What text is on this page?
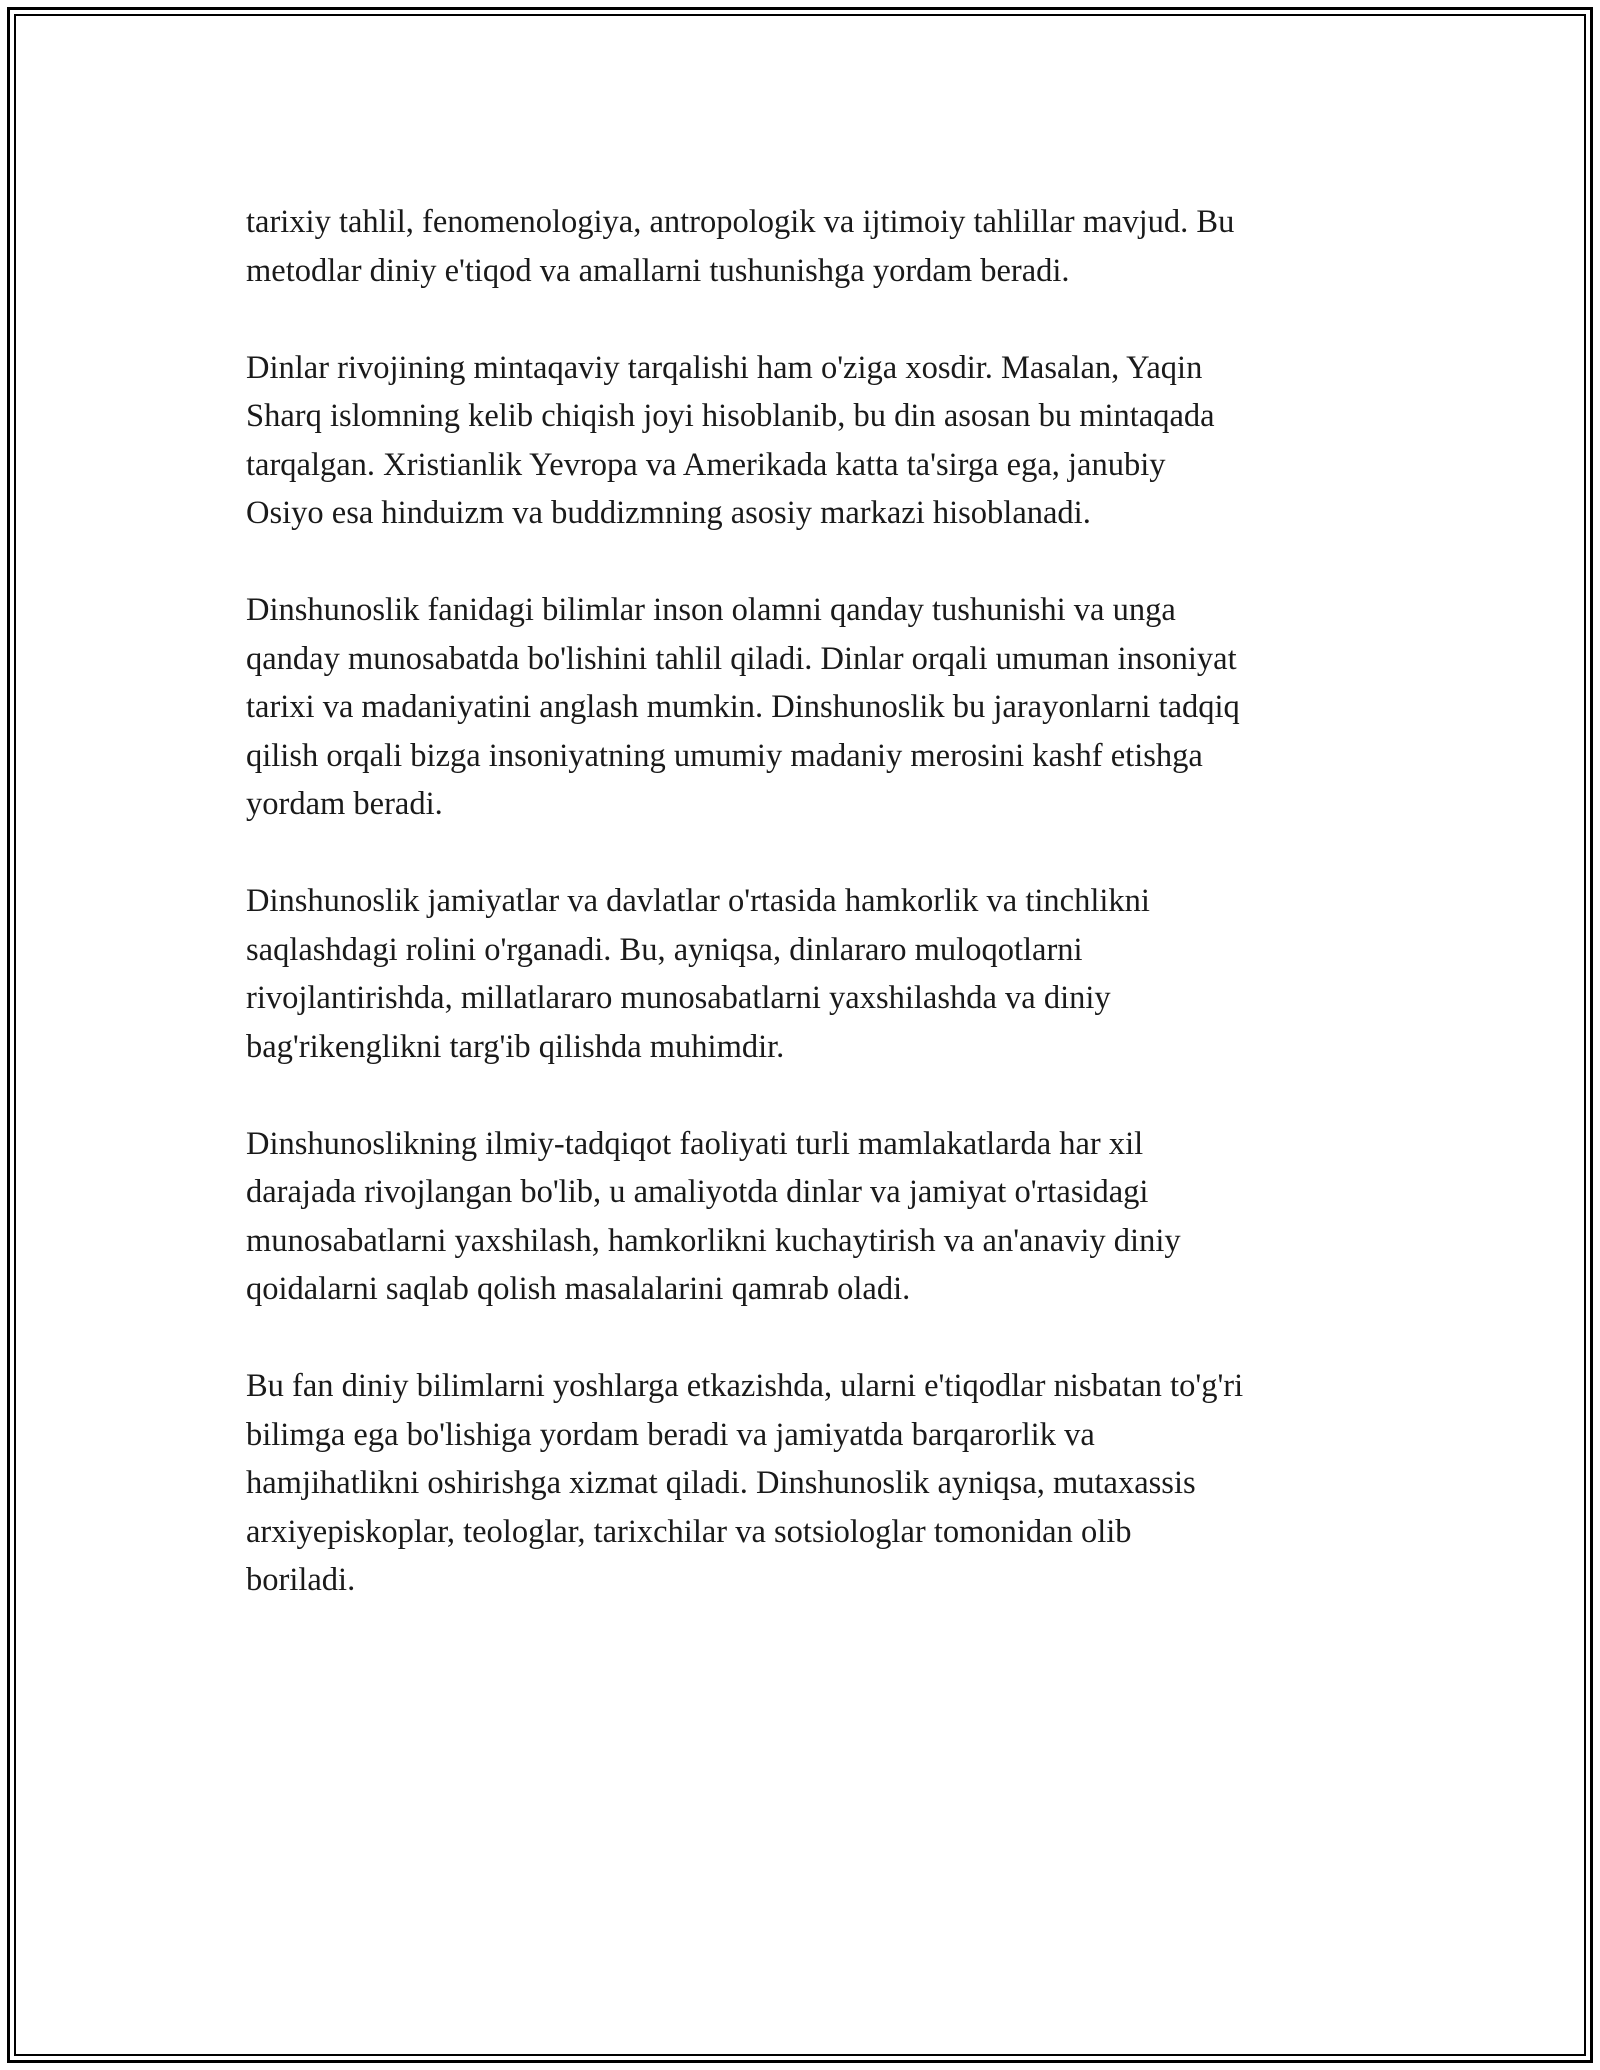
tarixiy tahlil, fenomenologiya, antropologik va ijtimoiy tahlillar mavjud. Bu
metodlar diniy e'tiqod va amallarni tushunishga yordam beradi.

Dinlar rivojining mintaqaviy tarqalishi ham o'ziga xosdir. Masalan, Yaqin
Sharq islomning kelib chiqish joyi hisoblanib, bu din asosan bu mintaqada
tarqalgan. Xristianlik Yevropa va Amerikada katta ta'sirga ega, janubiy
Osiyo esa hinduizm va buddizmning asosiy markazi hisoblanadi.

Dinshunoslik fanidagi bilimlar inson olamni qanday tushunishi va unga
qanday munosabatda bo'lishini tahlil qiladi. Dinlar orqali umuman insoniyat
tarixi va madaniyatini anglash mumkin. Dinshunoslik bu jarayonlarni tadqiq
qilish orqali bizga insoniyatning umumiy madaniy merosini kashf etishga
yordam beradi.

Dinshunoslik jamiyatlar va davlatlar o'rtasida hamkorlik va tinchlikni
saqlashdagi rolini o'rganadi. Bu, ayniqsa, dinlararo muloqotlarni
rivojlantirishda, millatlararo munosabatlarni yaxshilashda va diniy
bag'rikenglikni targ'ib qilishda muhimdir.

Dinshunoslikning ilmiy-tadqiqot faoliyati turli mamlakatlarda har xil
darajada rivojlangan bo'lib, u amaliyotda dinlar va jamiyat o'rtasidagi
munosabatlarni yaxshilash, hamkorlikni kuchaytirish va an'anaviy diniy
qoidalarni saqlab qolish masalalarini qamrab oladi.

Bu fan diniy bilimlarni yoshlarga etkazishda, ularni e'tiqodlar nisbatan to'g'ri
bilimga ega bo'lishiga yordam beradi va jamiyatda barqarorlik va
hamjihatlikni oshirishga xizmat qiladi. Dinshunoslik ayniqsa, mutaxassis
arxiyepiskoplar, teologlar, tarixchilar va sotsiologlar tomonidan olib
boriladi.
